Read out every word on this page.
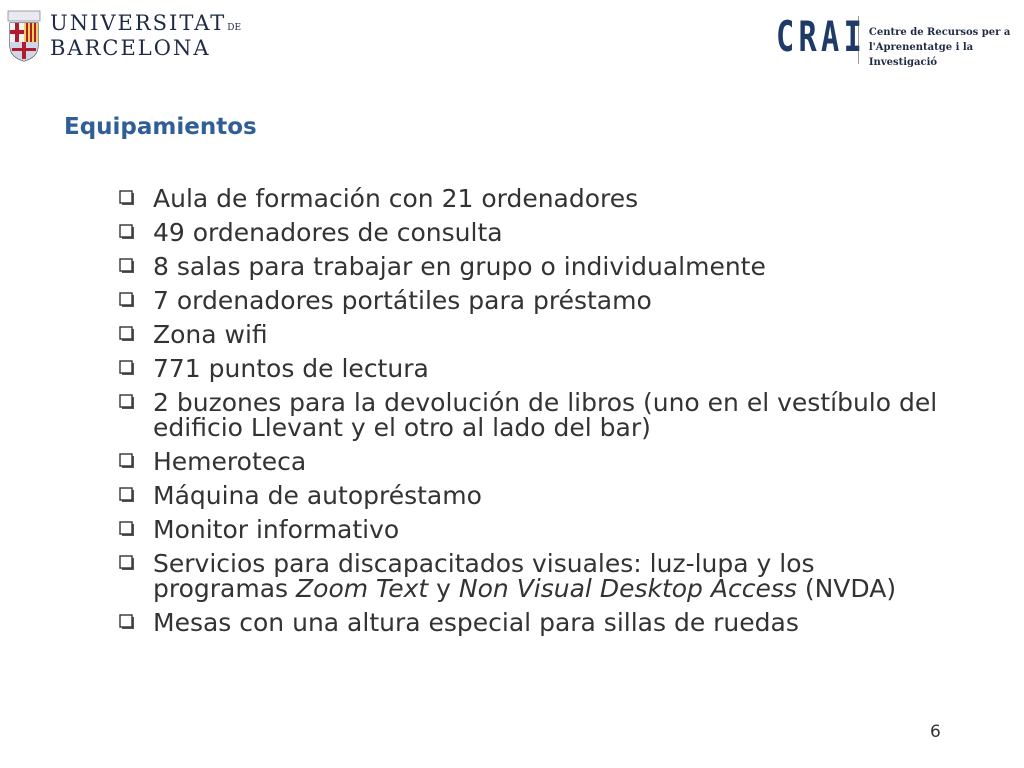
UNIVERSITAT DE
BARCELONA	CRAI Centre de Recursos per a
l'Aprenentatge i la Investigació
Equipamientos
Aula de formación con 21 ordenadores
49 ordenadores de consulta
8 salas para trabajar en grupo o individualmente
7 ordenadores portátiles para préstamo
Zona wifi
771 puntos de lectura
2 buzones para la devolución de libros (uno en el vestíbulo del edificio Llevant y el otro al lado del bar)
Hemeroteca
Máquina de autopréstamo
Monitor informativo
Servicios para discapacitados visuales: luz-lupa y los programas Zoom Text y Non Visual Desktop Access (NVDA)
Mesas con una altura especial para sillas de ruedas
6
